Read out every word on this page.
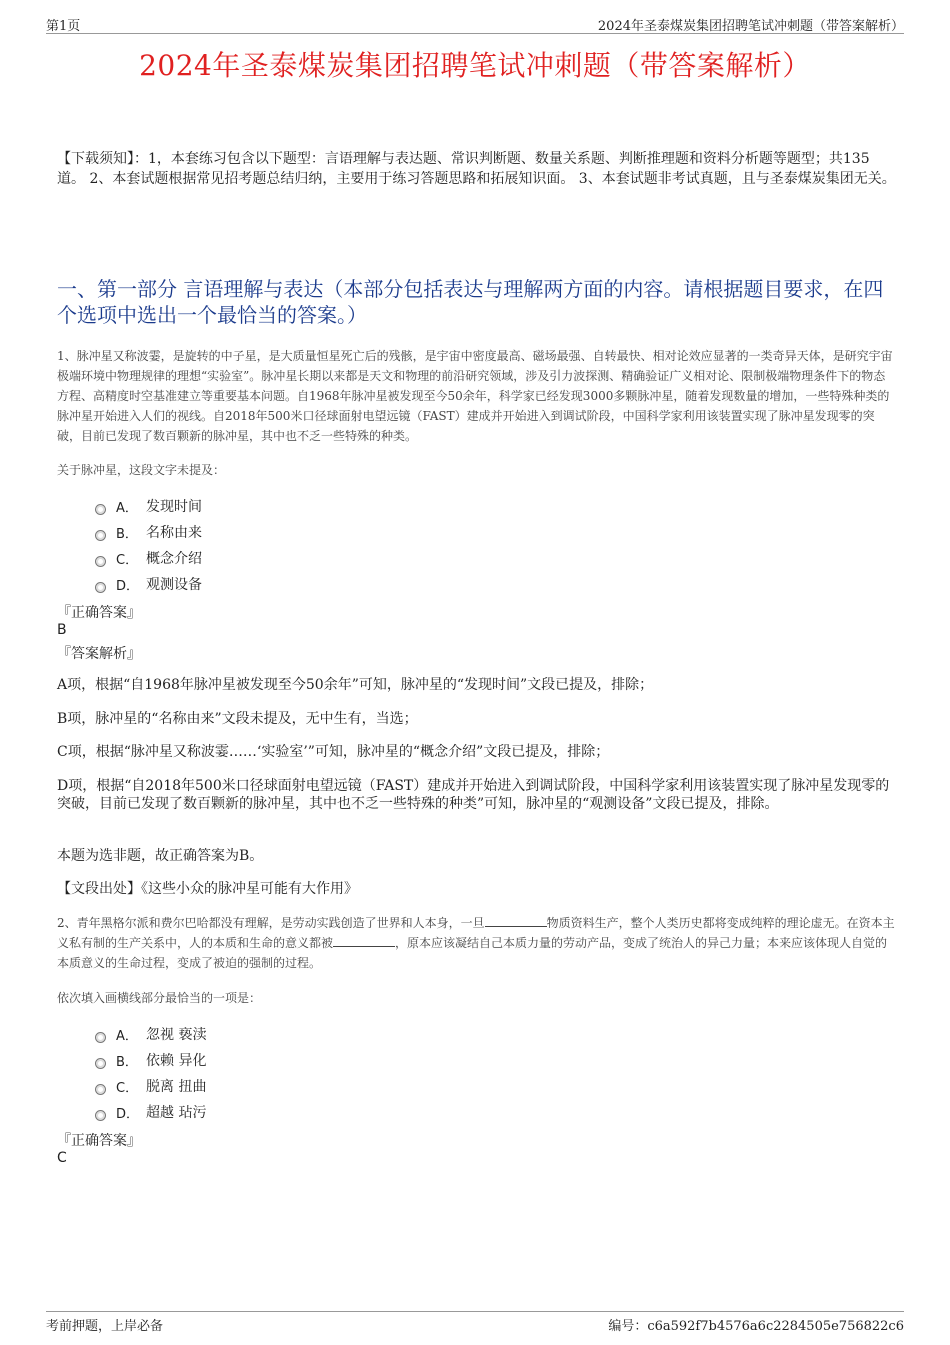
第1页	2024年圣泰煤炭集团招聘笔试冲刺题（带答案解析）
2024年圣泰煤炭集团招聘笔试冲刺题（带答案解析）
【下载须知】：1，本套练习包含以下题型：言语理解与表达题、常识判断题、数量关系题、判断推理题和资料分析题等题型；共135道。 2、本套试题根据常见招考题总结归纳，主要用于练习答题思路和拓展知识面。 3、本套试题非考试真题，且与圣泰煤炭集团无关。
一、第一部分 言语理解与表达（本部分包括表达与理解两方面的内容。请根据题目要求，在四个选项中选出一个最恰当的答案。）
1、脉冲星又称波霎，是旋转的中子星，是大质量恒星死亡后的残骸，是宇宙中密度最高、磁场最强、自转最快、相对论效应显著的一类奇异天体，是研究宇宙极端环境中物理规律的理想“实验室”。脉冲星长期以来都是天文和物理的前沿研究领域，涉及引力波探测、精确验证广义相对论、限制极端物理条件下的物态方程、高精度时空基准建立等重要基本问题。自1968年脉冲星被发现至今50余年，科学家已经发现3000多颗脉冲星，随着发现数量的增加，一些特殊种类的脉冲星开始进入人们的视线。自2018年500米口径球面射电望远镜（FAST）建成并开始进入到调试阶段，中国科学家利用该装置实现了脉冲星发现零的突破，目前已发现了数百颗新的脉冲星，其中也不乏一些特殊的种类。
关于脉冲星，这段文字未提及：
A． 发现时间
B． 名称由来
C． 概念介绍
D． 观测设备
『正确答案』
B
『答案解析』
A项，根据“自1968年脉冲星被发现至今50余年”可知，脉冲星的“发现时间”文段已提及，排除；
B项，脉冲星的“名称由来”文段未提及，无中生有，当选；
C项，根据“脉冲星又称波霎……‘实验室’”可知，脉冲星的“概念介绍”文段已提及，排除；
D项，根据“自2018年500米口径球面射电望远镜（FAST）建成并开始进入到调试阶段，中国科学家利用该装置实现了脉冲星发现零的突破，目前已发现了数百颗新的脉冲星，其中也不乏一些特殊的种类”可知，脉冲星的“观测设备”文段已提及，排除。
本题为选非题，故正确答案为B。
【文段出处】《这些小众的脉冲星可能有大作用》
2、青年黑格尔派和费尔巴哈都没有理解，是劳动实践创造了世界和人本身，一旦	物质资料生产，整个人类历史都将变成纯粹的理论虚无。在资本主义私有制的生产关系中，人的本质和生命的意义都被	，原本应该凝结自己本质力量的劳动产品，变成了统治人的异己力量；本来应该体现人自觉的本质意义的生命过程，变成了被迫的强制的过程。
依次填入画横线部分最恰当的一项是：
A． 忽视 亵渎
B． 依赖 异化
C． 脱离 扭曲
D． 超越 玷污
『正确答案』
C
考前押题，上岸必备	编号：c6a592f7b4576a6c2284505e756822c6
